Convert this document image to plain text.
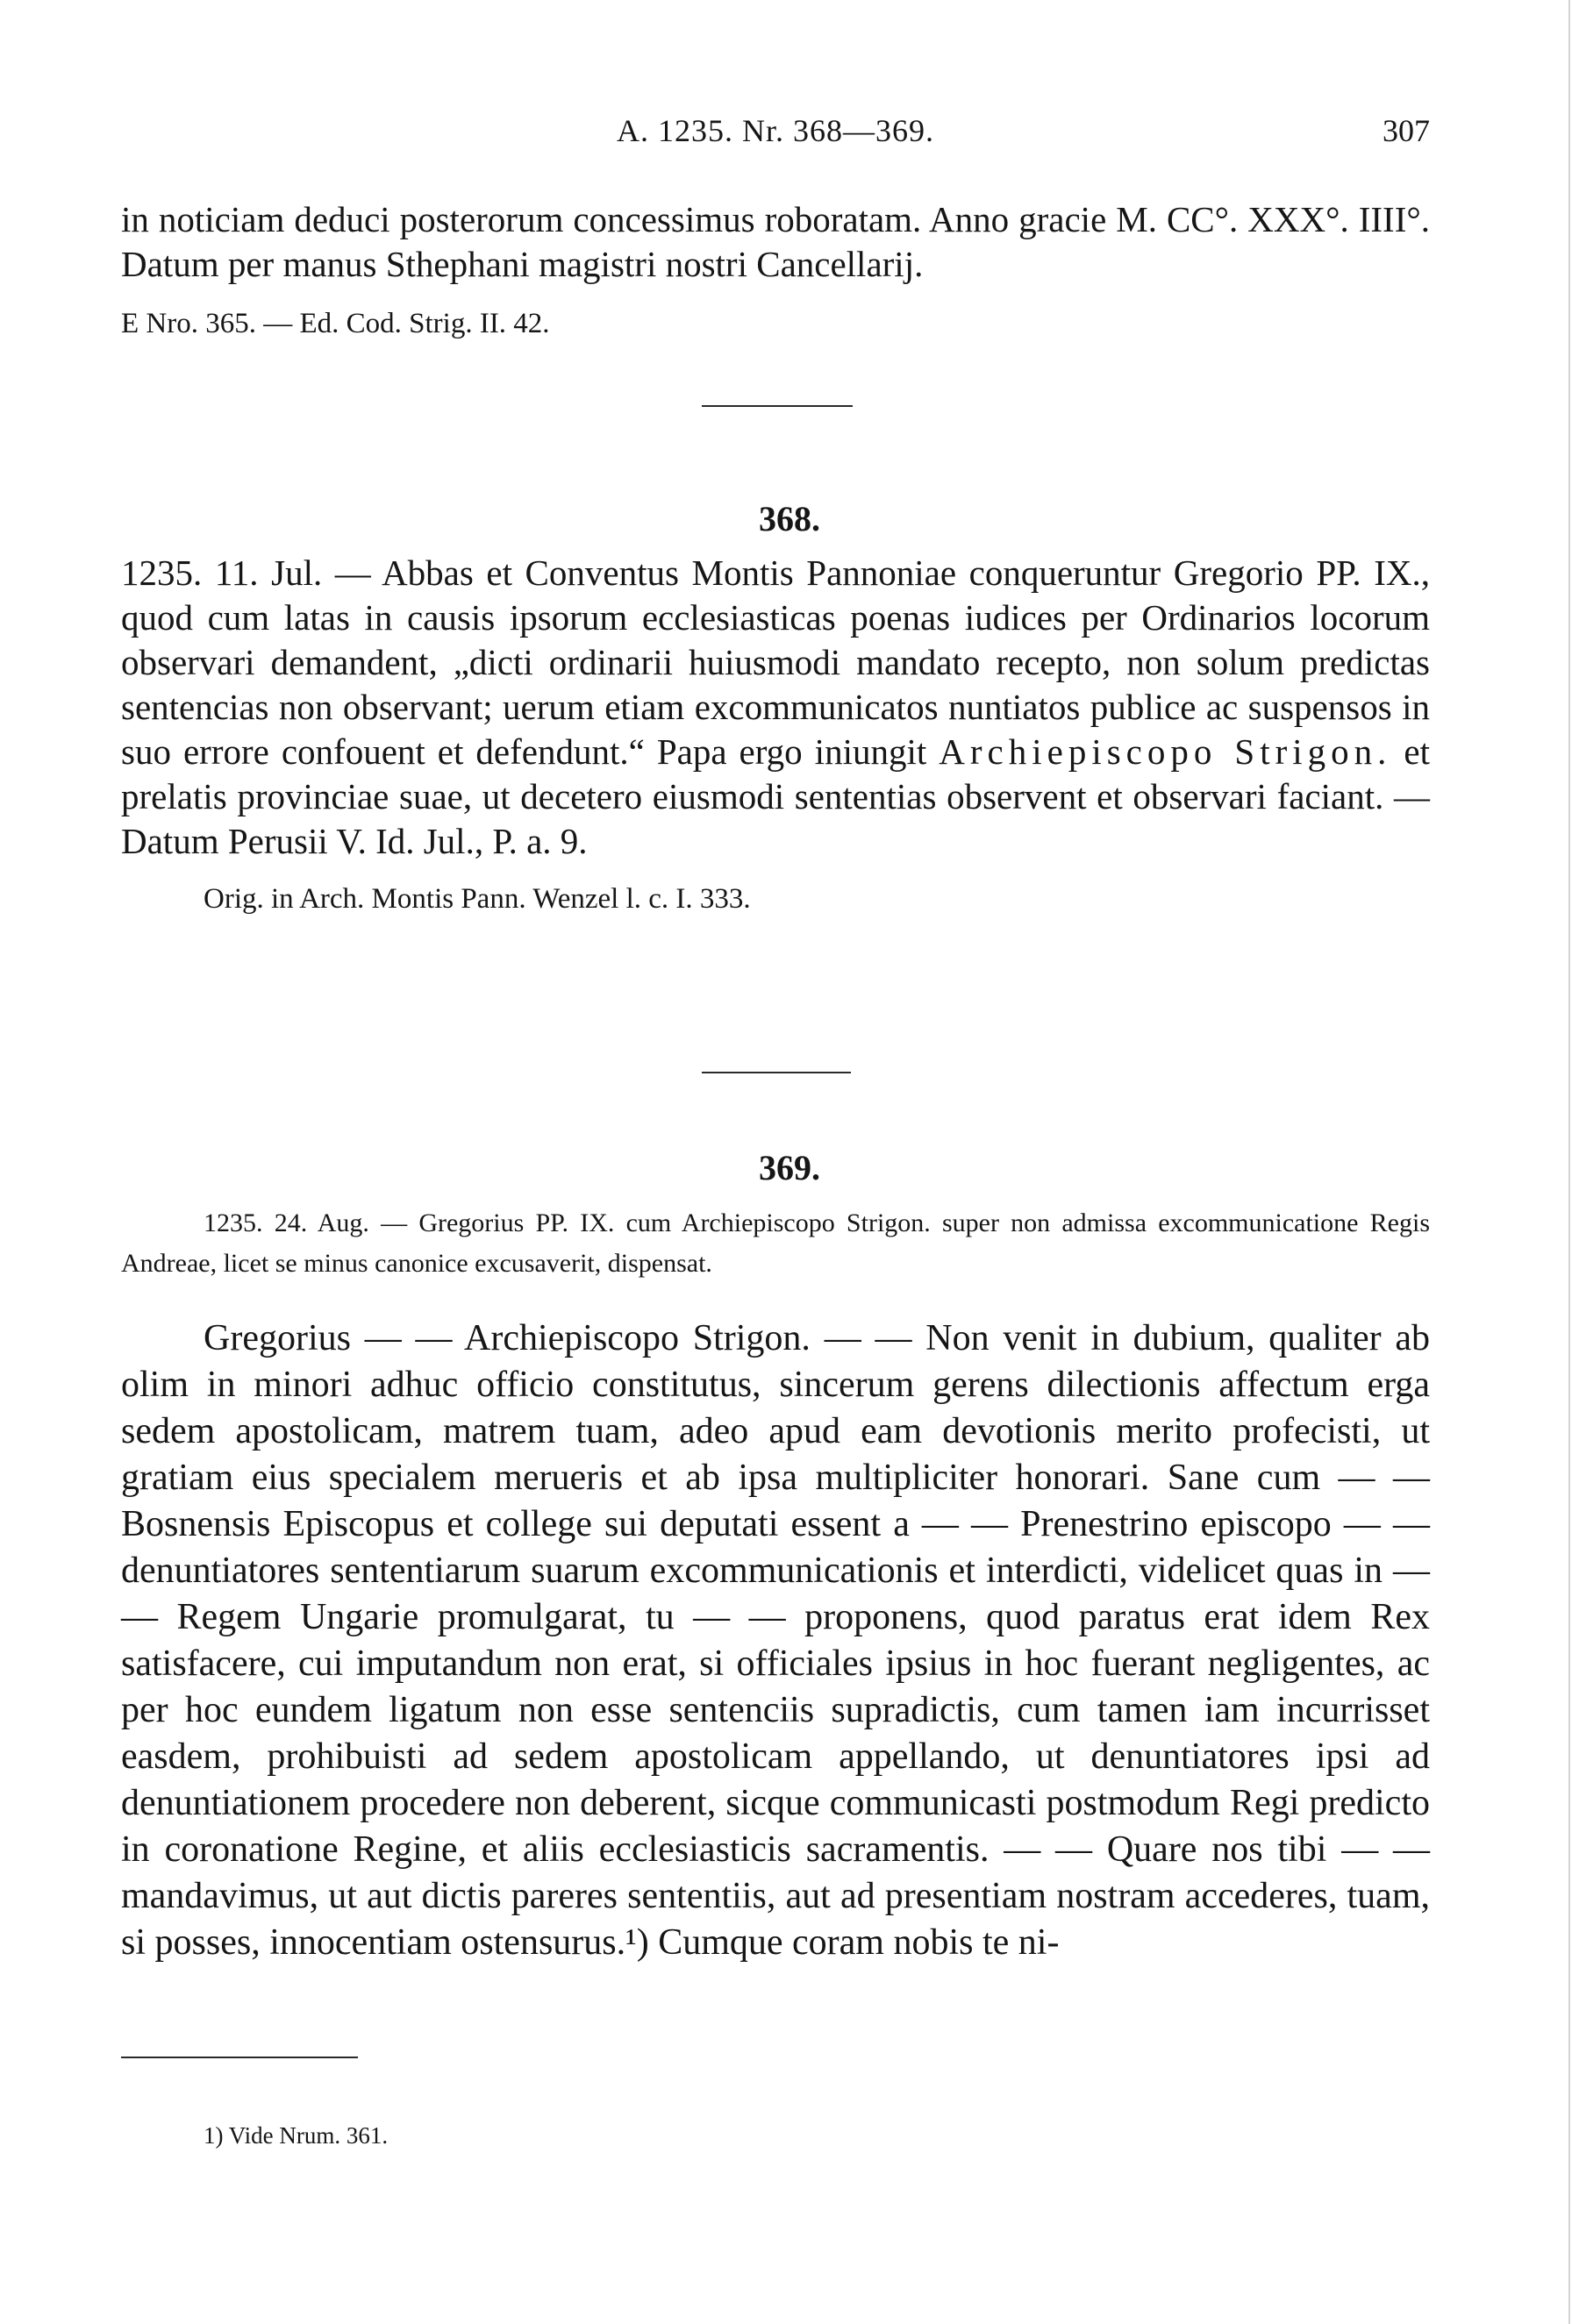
A. 1235. Nr. 368—369.	307

in noticiam deduci posterorum concessimus roboratam. Anno gracie M. CC°. XXX°. IIII°. Datum per manus Sthephani magistri nostri Cancellarij.

E Nro. 365. — Ed. Cod. Strig. II. 42.

368.

1235. 11. Jul. — Abbas et Conventus Montis Pannoniae conqueruntur Gregorio PP. IX., quod cum latas in causis ipsorum ecclesiasticas poenas iudices per Ordinarios locorum observari demandent, „dicti ordinarii huiusmodi mandato recepto, non solum predictas sentencias non observant; uerum etiam excommunicatos nuntiatos publice ac suspensos in suo errore confouent et defendunt.“ Papa ergo iniungit Archiepiscopo Strigon. et prelatis provinciae suae, ut decetero eiusmodi sententias observent et observari faciant. — Datum Perusii V. Id. Jul., P. a. 9.

Orig. in Arch. Montis Pann. Wenzel l. c. I. 333.

369.

1235. 24. Aug. — Gregorius PP. IX. cum Archiepiscopo Strigon. super non admissa excommunicatione Regis Andreae, licet se minus canonice excusaverit, dispensat.

Gregorius — — Archiepiscopo Strigon. — — Non venit in dubium, qualiter ab olim in minori adhuc officio constitutus, sincerum gerens dilectionis affectum erga sedem apostolicam, matrem tuam, adeo apud eam devotionis merito profecisti, ut gratiam eius specialem merueris et ab ipsa multipliciter honorari. Sane cum — — Bosnensis Episcopus et college sui deputati essent a — — Prenestrino episcopo — — denuntiatores sententiarum suarum excommunicationis et interdicti, videlicet quas in — — Regem Ungarie promulgarat, tu — — proponens, quod paratus erat idem Rex satisfacere, cui imputandum non erat, si officiales ipsius in hoc fuerant negligentes, ac per hoc eundem ligatum non esse sentenciis supradictis, cum tamen iam incurrisset easdem, prohibuisti ad sedem apostolicam appellando, ut denuntiatores ipsi ad denuntiationem procedere non deberent, sicque communicasti postmodum Regi predicto in coronatione Regine, et aliis ecclesiasticis sacramentis. — — Quare nos tibi — — mandavimus, ut aut dictis pareres sententiis, aut ad presentiam nostram accederes, tuam, si posses, innocentiam ostensurus.¹) Cumque coram nobis te ni-

1) Vide Nrum. 361.
